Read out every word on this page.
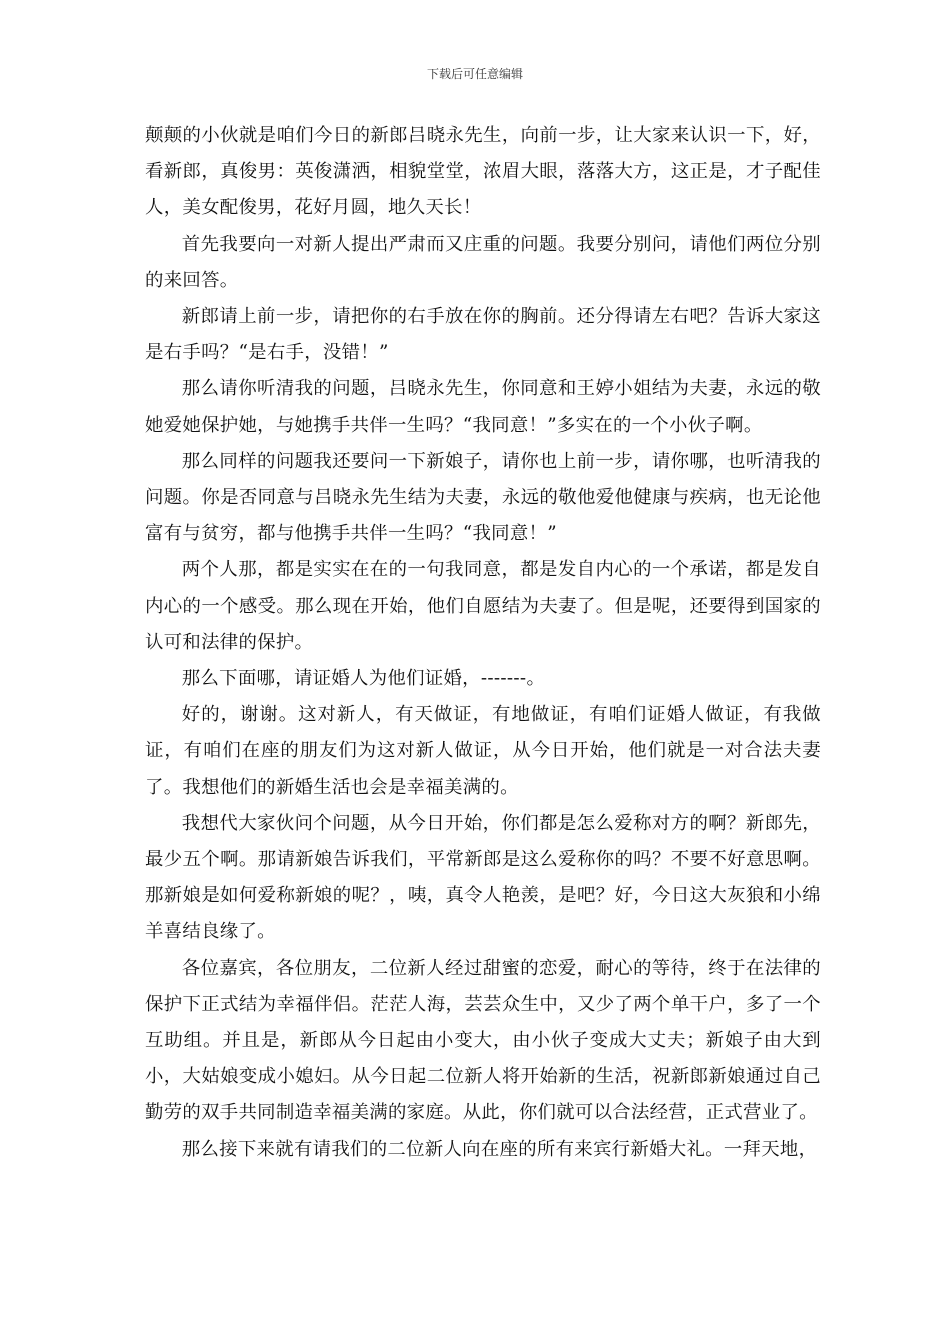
下载后可任意编辑

颠颠的小伙就是咱们今日的新郎吕晓永先生，向前一步，让大家来认识一下，好，看新郎，真俊男：英俊潇洒，相貌堂堂，浓眉大眼，落落大方，这正是，才子配佳人，美女配俊男，花好月圆，地久天长！

首先我要向一对新人提出严肃而又庄重的问题。我要分别问，请他们两位分别的来回答。

新郎请上前一步，请把你的右手放在你的胸前。还分得请左右吧？告诉大家这是右手吗？“是右手，没错！”

那么请你听清我的问题，吕晓永先生，你同意和王婷小姐结为夫妻，永远的敬她爱她保护她，与她携手共伴一生吗？“我同意！”多实在的一个小伙子啊。

那么同样的问题我还要问一下新娘子，请你也上前一步，请你哪，也听清我的问题。你是否同意与吕晓永先生结为夫妻，永远的敬他爱他健康与疾病，也无论他富有与贫穷，都与他携手共伴一生吗？“我同意！”

两个人那，都是实实在在的一句我同意，都是发自内心的一个承诺，都是发自内心的一个感受。那么现在开始，他们自愿结为夫妻了。但是呢，还要得到国家的认可和法律的保护。

那么下面哪，请证婚人为他们证婚，-------。

好的，谢谢。这对新人，有天做证，有地做证，有咱们证婚人做证，有我做证，有咱们在座的朋友们为这对新人做证，从今日开始，他们就是一对合法夫妻了。我想他们的新婚生活也会是幸福美满的。

我想代大家伙问个问题，从今日开始，你们都是怎么爱称对方的啊？新郎先，最少五个啊。那请新娘告诉我们，平常新郎是这么爱称你的吗？不要不好意思啊。那新娘是如何爱称新娘的呢？，咦，真令人艳羡，是吧？好，今日这大灰狼和小绵羊喜结良缘了。

各位嘉宾，各位朋友，二位新人经过甜蜜的恋爱，耐心的等待，终于在法律的保护下正式结为幸福伴侣。茫茫人海，芸芸众生中，又少了两个单干户，多了一个互助组。并且是，新郎从今日起由小变大，由小伙子变成大丈夫；新娘子由大到小，大姑娘变成小媳妇。从今日起二位新人将开始新的生活，祝新郎新娘通过自己勤劳的双手共同制造幸福美满的家庭。从此，你们就可以合法经营，正式营业了。

那么接下来就有请我们的二位新人向在座的所有来宾行新婚大礼。一拜天地，
